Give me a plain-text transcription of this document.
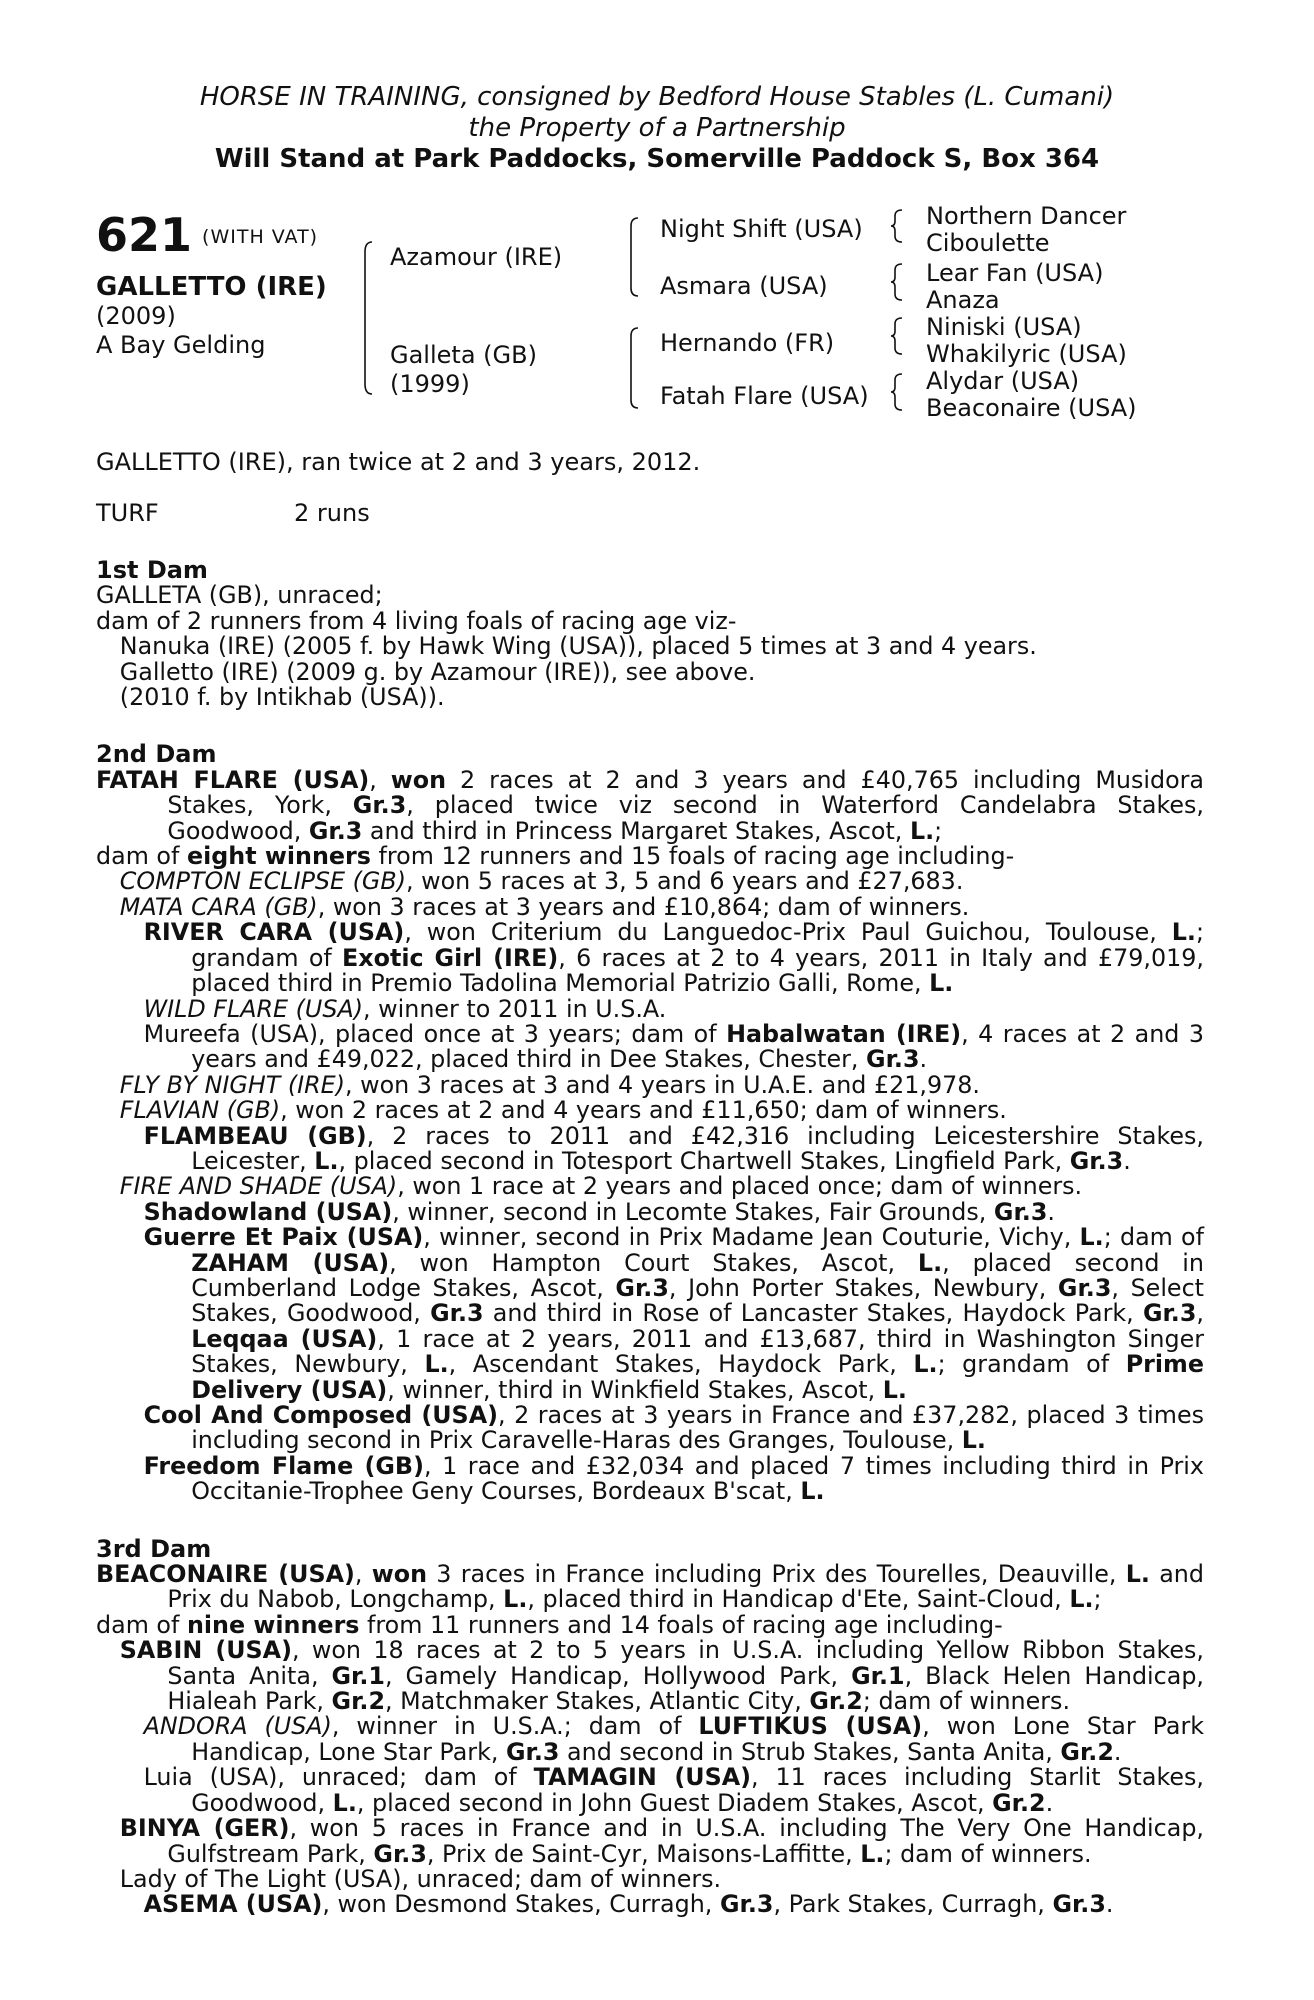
HORSE IN TRAINING, consigned by Bedford House Stables (L. Cumani)
the Property of a Partnership
Will Stand at Park Paddocks, Somerville Paddock S, Box 364
621 (WITH VAT)
GALLETTO (IRE)
(2009)
A Bay Gelding
Azamour (IRE)
Galleta (GB)
(1999)
Night Shift (USA)
Asmara (USA)
Hernando (FR)
Fatah Flare (USA)
Northern Dancer
Ciboulette
Lear Fan (USA)
Anaza
Niniski (USA)
Whakilyric (USA)
Alydar (USA)
Beaconaire (USA)
GALLETTO (IRE), ran twice at 2 and 3 years, 2012.
TURF	2 runs

1st Dam

GALLETA (GB), unraced;

dam of 2 runners from 4 living foals of racing age viz-

Nanuka (IRE) (2005 f. by Hawk Wing (USA)), placed 5 times at 3 and 4 years.

Galletto (IRE) (2009 g. by Azamour (IRE)), see above.

(2010 f. by Intikhab (USA)).

2nd Dam

FATAH FLARE (USA), won 2 races at 2 and 3 years and £40,765 including Musidora Stakes, York, Gr.3, placed twice viz second in Waterford Candelabra Stakes, Goodwood, Gr.3 and third in Princess Margaret Stakes, Ascot, L.;

dam of eight winners from 12 runners and 15 foals of racing age including-

COMPTON ECLIPSE (GB), won 5 races at 3, 5 and 6 years and £27,683.

MATA CARA (GB), won 3 races at 3 years and £10,864; dam of winners.

RIVER CARA (USA), won Criterium du Languedoc-Prix Paul Guichou, Toulouse, L.; grandam of Exotic Girl (IRE), 6 races at 2 to 4 years, 2011 in Italy and £79,019, placed third in Premio Tadolina Memorial Patrizio Galli, Rome, L.

WILD FLARE (USA), winner to 2011 in U.S.A.

Mureefa (USA), placed once at 3 years; dam of Habalwatan (IRE), 4 races at 2 and 3 years and £49,022, placed third in Dee Stakes, Chester, Gr.3.

FLY BY NIGHT (IRE), won 3 races at 3 and 4 years in U.A.E. and £21,978.

FLAVIAN (GB), won 2 races at 2 and 4 years and £11,650; dam of winners.

FLAMBEAU (GB), 2 races to 2011 and £42,316 including Leicestershire Stakes, Leicester, L., placed second in Totesport Chartwell Stakes, Lingfield Park, Gr.3.

FIRE AND SHADE (USA), won 1 race at 2 years and placed once; dam of winners.

Shadowland (USA), winner, second in Lecomte Stakes, Fair Grounds, Gr.3.

Guerre Et Paix (USA), winner, second in Prix Madame Jean Couturie, Vichy, L.; dam of ZAHAM (USA), won Hampton Court Stakes, Ascot, L., placed second in Cumberland Lodge Stakes, Ascot, Gr.3, John Porter Stakes, Newbury, Gr.3, Select Stakes, Goodwood, Gr.3 and third in Rose of Lancaster Stakes, Haydock Park, Gr.3, Leqqaa (USA), 1 race at 2 years, 2011 and £13,687, third in Washington Singer Stakes, Newbury, L., Ascendant Stakes, Haydock Park, L.; grandam of Prime Delivery (USA), winner, third in Winkfield Stakes, Ascot, L.

Cool And Composed (USA), 2 races at 3 years in France and £37,282, placed 3 times including second in Prix Caravelle-Haras des Granges, Toulouse, L.

Freedom Flame (GB), 1 race and £32,034 and placed 7 times including third in Prix Occitanie-Trophee Geny Courses, Bordeaux B'scat, L.

3rd Dam

BEACONAIRE (USA), won 3 races in France including Prix des Tourelles, Deauville, L. and Prix du Nabob, Longchamp, L., placed third in Handicap d'Ete, Saint-Cloud, L.;

dam of nine winners from 11 runners and 14 foals of racing age including-

SABIN (USA), won 18 races at 2 to 5 years in U.S.A. including Yellow Ribbon Stakes, Santa Anita, Gr.1, Gamely Handicap, Hollywood Park, Gr.1, Black Helen Handicap, Hialeah Park, Gr.2, Matchmaker Stakes, Atlantic City, Gr.2; dam of winners.

ANDORA (USA), winner in U.S.A.; dam of LUFTIKUS (USA), won Lone Star Park Handicap, Lone Star Park, Gr.3 and second in Strub Stakes, Santa Anita, Gr.2.

Luia (USA), unraced; dam of TAMAGIN (USA), 11 races including Starlit Stakes, Goodwood, L., placed second in John Guest Diadem Stakes, Ascot, Gr.2.

BINYA (GER), won 5 races in France and in U.S.A. including The Very One Handicap, Gulfstream Park, Gr.3, Prix de Saint-Cyr, Maisons-Laffitte, L.; dam of winners.

Lady of The Light (USA), unraced; dam of winners.

ASEMA (USA), won Desmond Stakes, Curragh, Gr.3, Park Stakes, Curragh, Gr.3.
